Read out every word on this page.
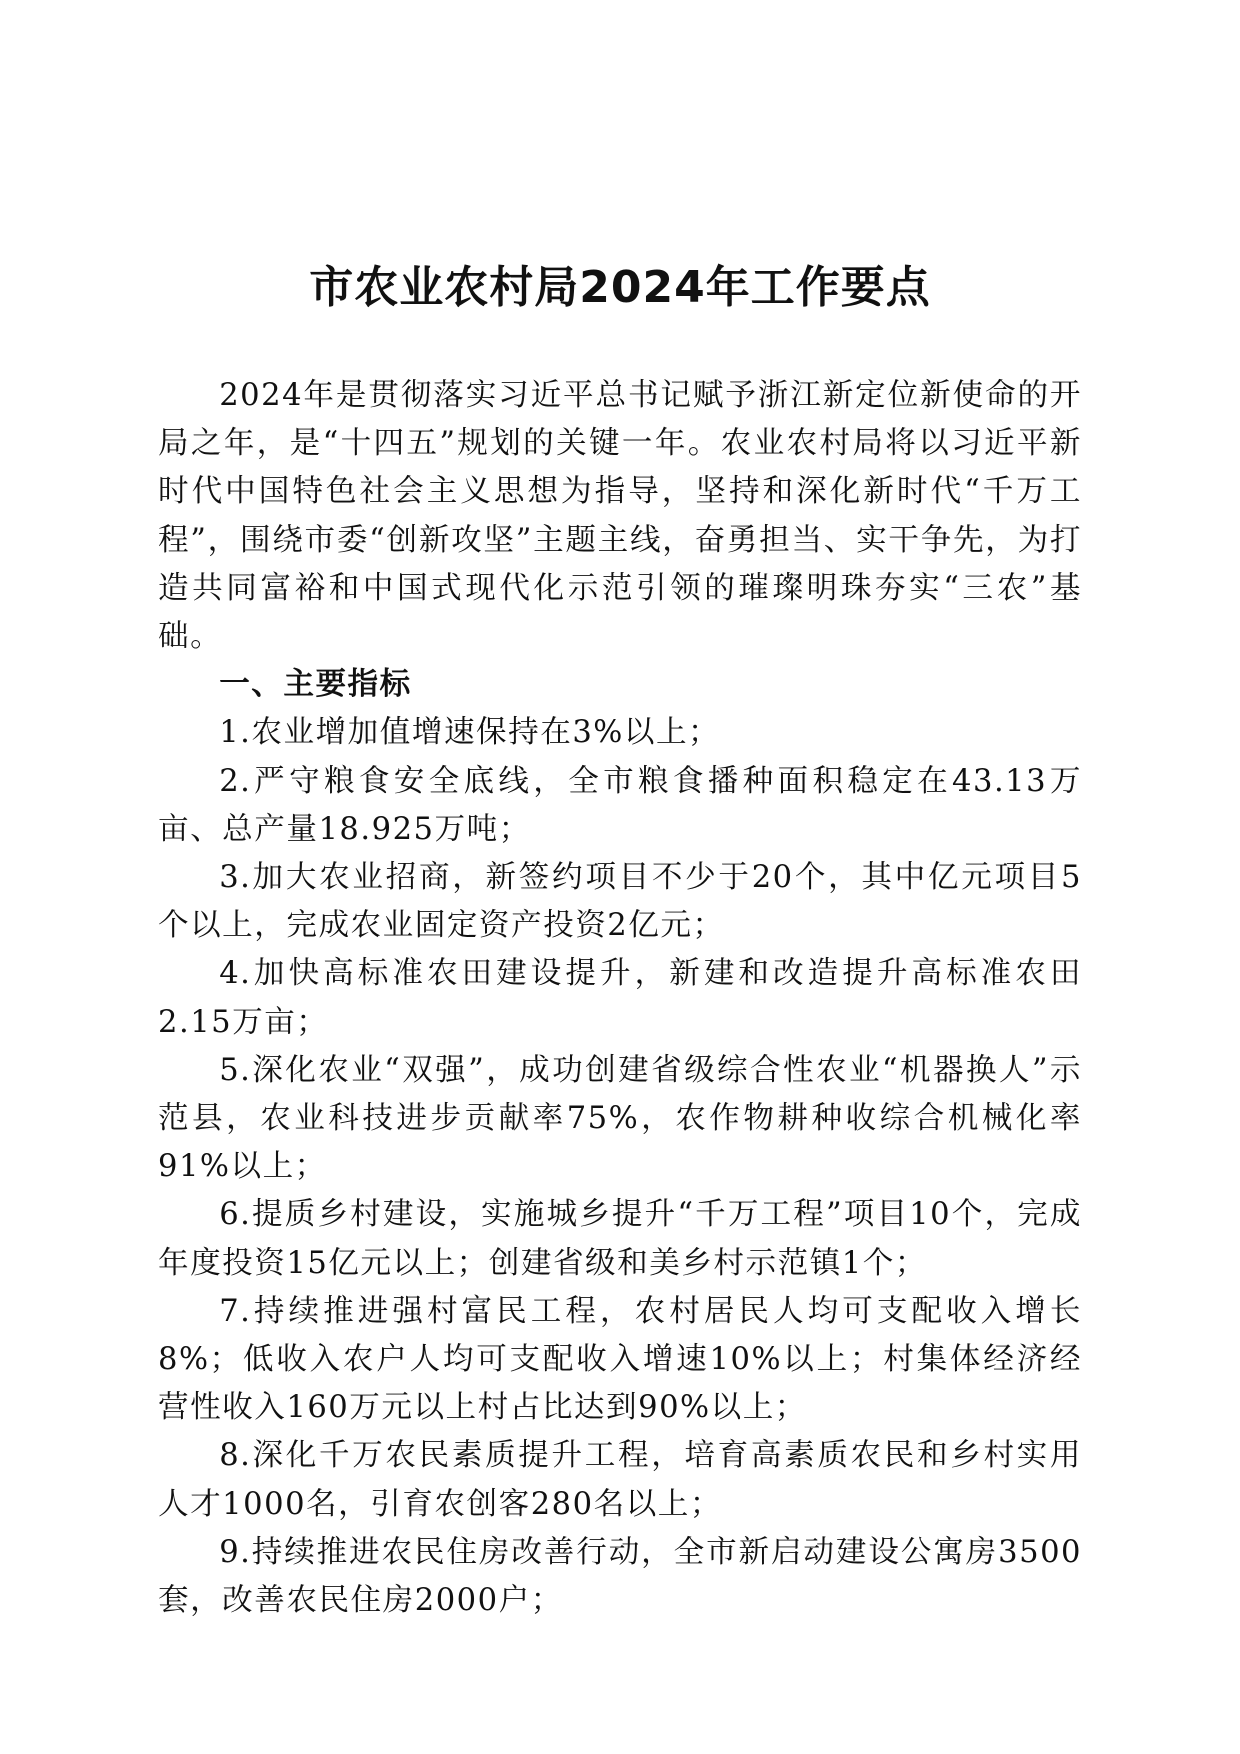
市农业农村局2024年工作要点

2024年是贯彻落实习近平总书记赋予浙江新定位新使命的开局之年，是“十四五”规划的关键一年。农业农村局将以习近平新时代中国特色社会主义思想为指导，坚持和深化新时代“千万工程”，围绕市委“创新攻坚”主题主线，奋勇担当、实干争先，为打造共同富裕和中国式现代化示范引领的璀璨明珠夯实“三农”基础。

一、主要指标

1.农业增加值增速保持在3%以上；

2.严守粮食安全底线，全市粮食播种面积稳定在43.13万亩、总产量18.925万吨；

3.加大农业招商，新签约项目不少于20个，其中亿元项目5个以上，完成农业固定资产投资2亿元；

4.加快高标准农田建设提升，新建和改造提升高标准农田2.15万亩；

5.深化农业“双强”，成功创建省级综合性农业“机器换人”示范县，农业科技进步贡献率75%，农作物耕种收综合机械化率91%以上；

6.提质乡村建设，实施城乡提升“千万工程”项目10个，完成年度投资15亿元以上；创建省级和美乡村示范镇1个；

7.持续推进强村富民工程，农村居民人均可支配收入增长8%；低收入农户人均可支配收入增速10%以上；村集体经济经营性收入160万元以上村占比达到90%以上；

8.深化千万农民素质提升工程，培育高素质农民和乡村实用人才1000名，引育农创客280名以上；

9.持续推进农民住房改善行动，全市新启动建设公寓房3500套，改善农民住房2000户；
